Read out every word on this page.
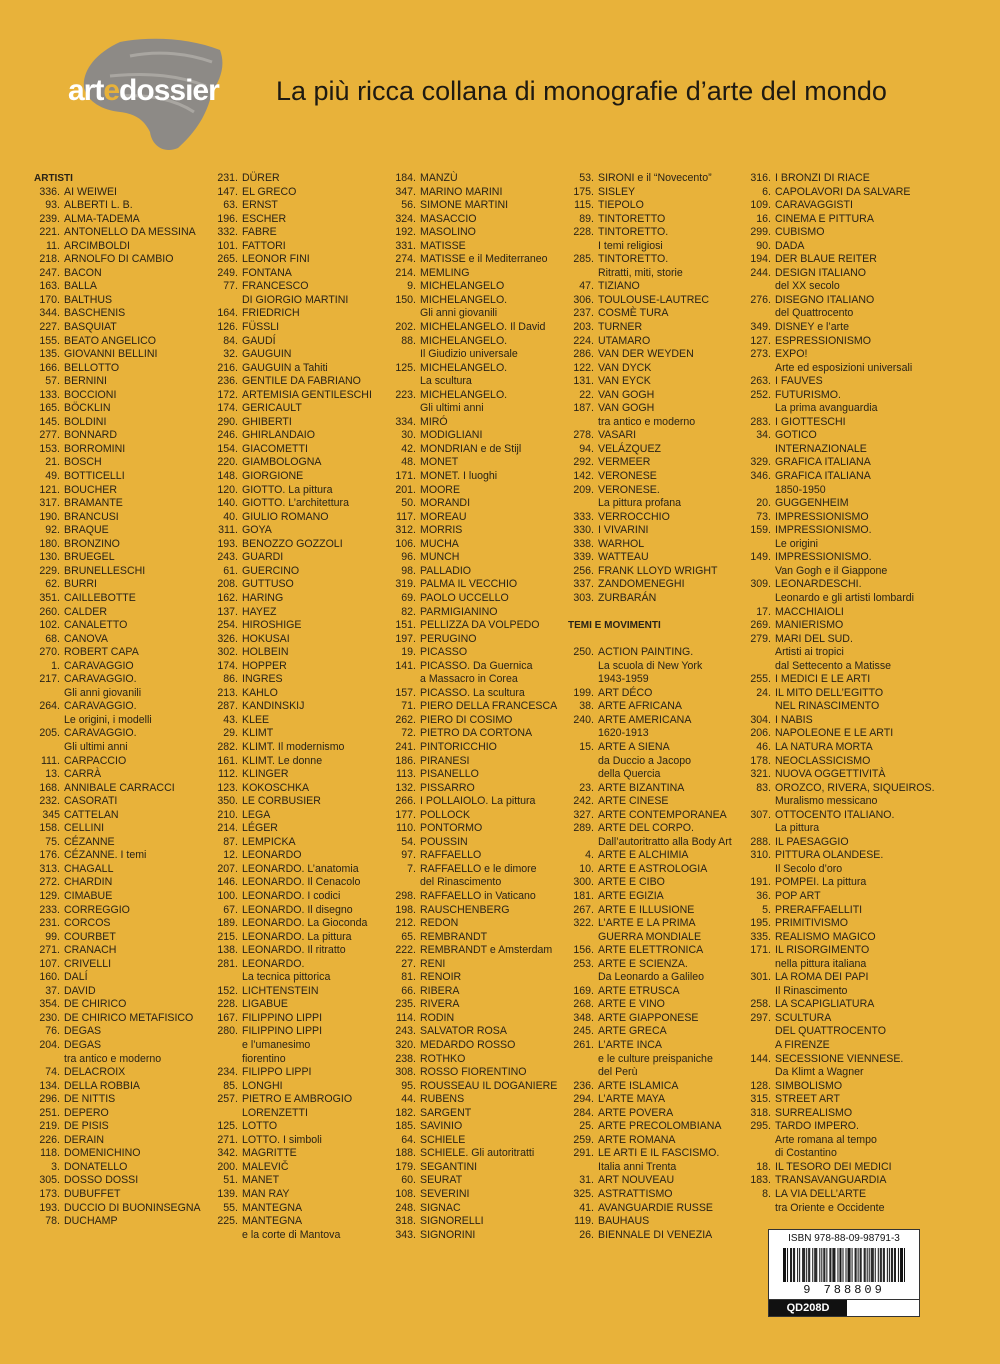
artedossier La più ricca collana di monografie d’arte del mondo
ARTISTI
336. AI WEIWEI
93. ALBERTI L. B.
239. ALMA-TADEMA
221. ANTONELLO DA MESSINA
11. ARCIMBOLDI
218. ARNOLFO DI CAMBIO
247. BACON
163. BALLA
170. BALTHUS
344. BASCHENIS
227. BASQUIAT
155. BEATO ANGELICO
135. GIOVANNI BELLINI
166. BELLOTTO
57. BERNINI
133. BOCCIONI
165. BÖCKLIN
145. BOLDINI
277. BONNARD
153. BORROMINI
21. BOSCH
49. BOTTICELLI
121. BOUCHER
317. BRAMANTE
190. BRANCUSI
92. BRAQUE
180. BRONZINO
130. BRUEGEL
229. BRUNELLESCHI
62. BURRI
351. CAILLEBOTTE
260. CALDER
102. CANALETTO
68. CANOVA
270. ROBERT CAPA
1. CARAVAGGIO
217. CARAVAGGIO.
Gli anni giovanili
264. CARAVAGGIO.
Le origini, i modelli
205. CARAVAGGIO.
Gli ultimi anni
111. CARPACCIO
13. CARRÀ
168. ANNIBALE CARRACCI
232. CASORATI
345 CATTELAN
158. CELLINI
75. CÉZANNE
176. CÉZANNE. I temi
313. CHAGALL
272. CHARDIN
129. CIMABUE
233. CORREGGIO
231. CORCOS
99. COURBET
271. CRANACH
107. CRIVELLI
160. DALÍ
37. DAVID
354. DE CHIRICO
230. DE CHIRICO METAFISICO
76. DEGAS
204. DEGAS
tra antico e moderno
74. DELACROIX
134. DELLA ROBBIA
296. DE NITTIS
251. DEPERO
219. DE PISIS
226. DERAIN
118. DOMENICHINO
3. DONATELLO
305. DOSSO DOSSI
173. DUBUFFET
193. DUCCIO DI BUONINSEGNA
78. DUCHAMP
231. DÜRER
147. EL GRECO
63. ERNST
196. ESCHER
332. FABRE
101. FATTORI
265. LEONOR FINI
249. FONTANA
77. FRANCESCO
DI GIORGIO MARTINI
164. FRIEDRICH
126. FÜSSLI
84. GAUDÍ
32. GAUGUIN
216. GAUGUIN a Tahiti
236. GENTILE DA FABRIANO
172. ARTEMISIA GENTILESCHI
174. GERICAULT
290. GHIBERTI
246. GHIRLANDAIO
154. GIACOMETTI
220. GIAMBOLOGNA
148. GIORGIONE
120. GIOTTO. La pittura
140. GIOTTO. L’architettura
40. GIULIO ROMANO
311. GOYA
193. BENOZZO GOZZOLI
243. GUARDI
61. GUERCINO
208. GUTTUSO
162. HARING
137. HAYEZ
254. HIROSHIGE
326. HOKUSAI
302. HOLBEIN
174. HOPPER
86. INGRES
213. KAHLO
287. KANDINSKIJ
43. KLEE
29. KLIMT
282. KLIMT. Il modernismo
161. KLIMT. Le donne
112. KLINGER
123. KOKOSCHKA
350. LE CORBUSIER
210. LEGA
214. LÉGER
87. LEMPICKA
12. LEONARDO
207. LEONARDO. L’anatomia
146. LEONARDO. Il Cenacolo
100. LEONARDO. I codici
67. LEONARDO. Il disegno
189. LEONARDO. La Gioconda
215. LEONARDO. La pittura
138. LEONARDO. Il ritratto
281. LEONARDO.
La tecnica pittorica
152. LICHTENSTEIN
228. LIGABUE
167. FILIPPINO LIPPI
280. FILIPPINO LIPPI
e l’umanesimo
fiorentino
234. FILIPPO LIPPI
85. LONGHI
257. PIETRO E AMBROGIO
LORENZETTI
125. LOTTO
271. LOTTO. I simboli
342. MAGRITTE
200. MALEVIČ
51. MANET
139. MAN RAY
55. MANTEGNA
225. MANTEGNA
e la corte di Mantova
184. MANZÙ
347. MARINO MARINI
56. SIMONE MARTINI
324. MASACCIO
192. MASOLINO
331. MATISSE
274. MATISSE e il Mediterraneo
214. MEMLING
9. MICHELANGELO
150. MICHELANGELO.
Gli anni giovanili
202. MICHELANGELO. Il David
88. MICHELANGELO.
Il Giudizio universale
125. MICHELANGELO.
La scultura
223. MICHELANGELO.
Gli ultimi anni
334. MIRÓ
30. MODIGLIANI
42. MONDRIAN e de Stijl
48. MONET
171. MONET. I luoghi
201. MOORE
50. MORANDI
117. MOREAU
312. MORRIS
106. MUCHA
96. MUNCH
98. PALLADIO
319. PALMA IL VECCHIO
69. PAOLO UCCELLO
82. PARMIGIANINO
151. PELLIZZA DA VOLPEDO
197. PERUGINO
19. PICASSO
141. PICASSO. Da Guernica
a Massacro in Corea
157. PICASSO. La scultura
71. PIERO DELLA FRANCESCA
262. PIERO DI COSIMO
72. PIETRO DA CORTONA
241. PINTORICCHIO
186. PIRANESI
113. PISANELLO
132. PISSARRO
266. I POLLAIOLO. La pittura
177. POLLOCK
110. PONTORMO
54. POUSSIN
97. RAFFAELLO
7. RAFFAELLO e le dimore
del Rinascimento
298. RAFFAELLO in Vaticano
198. RAUSCHENBERG
212. REDON
65. REMBRANDT
222. REMBRANDT e Amsterdam
27. RENI
81. RENOIR
66. RIBERA
235. RIVERA
114. RODIN
243. SALVATOR ROSA
320. MEDARDO ROSSO
238. ROTHKO
308. ROSSO FIORENTINO
95. ROUSSEAU IL DOGANIERE
44. RUBENS
182. SARGENT
185. SAVINIO
64. SCHIELE
188. SCHIELE. Gli autoritratti
179. SEGANTINI
60. SEURAT
108. SEVERINI
248. SIGNAC
318. SIGNORELLI
343. SIGNORINI
53. SIRONI e il “Novecento”
175. SISLEY
115. TIEPOLO
89. TINTORETTO
228. TINTORETTO.
I temi religiosi
285. TINTORETTO.
Ritratti, miti, storie
47. TIZIANO
306. TOULOUSE-LAUTREC
237. COSMÈ TURA
203. TURNER
224. UTAMARO
286. VAN DER WEYDEN
122. VAN DYCK
131. VAN EYCK
22. VAN GOGH
187. VAN GOGH
tra antico e moderno
278. VASARI
94. VELÁZQUEZ
292. VERMEER
142. VERONESE
209. VERONESE.
La pittura profana
333. VERROCCHIO
330. I VIVARINI
338. WARHOL
339. WATTEAU
256. FRANK LLOYD WRIGHT
337. ZANDOMENEGHI
303. ZURBARÁN
TEMI E MOVIMENTI
250. ACTION PAINTING.
La scuola di New York
1943-1959
199. ART DÉCO
38. ARTE AFRICANA
240. ARTE AMERICANA
1620-1913
15. ARTE A SIENA
da Duccio a Jacopo
della Quercia
23. ARTE BIZANTINA
242. ARTE CINESE
327. ARTE CONTEMPORANEA
289. ARTE DEL CORPO.
Dall’autoritratto alla Body Art
4. ARTE E ALCHIMIA
10. ARTE E ASTROLOGIA
300. ARTE E CIBO
181. ARTE EGIZIA
267. ARTE E ILLUSIONE
322. L’ARTE E LA PRIMA
GUERRA MONDIALE
156. ARTE ELETTRONICA
253. ARTE E SCIENZA.
Da Leonardo a Galileo
169. ARTE ETRUSCA
268. ARTE E VINO
348. ARTE GIAPPONESE
245. ARTE GRECA
261. L’ARTE INCA
e le culture preispaniche
del Perù
236. ARTE ISLAMICA
294. L’ARTE MAYA
284. ARTE POVERA
25. ARTE PRECOLOMBIANA
259. ARTE ROMANA
291. LE ARTI E IL FASCISMO.
Italia anni Trenta
31. ART NOUVEAU
325. ASTRATTISMO
41. AVANGUARDIE RUSSE
119. BAUHAUS
26. BIENNALE DI VENEZIA
316. I BRONZI DI RIACE
6. CAPOLAVORI DA SALVARE
109. CARAVAGGISTI
16. CINEMA E PITTURA
299. CUBISMO
90. DADA
194. DER BLAUE REITER
244. DESIGN ITALIANO
del XX secolo
276. DISEGNO ITALIANO
del Quattrocento
349. DISNEY e l’arte
127. ESPRESSIONISMO
273. EXPO!
Arte ed esposizioni universali
263. I FAUVES
252. FUTURISMO.
La prima avanguardia
283. I GIOTTESCHI
34. GOTICO
INTERNAZIONALE
329. GRAFICA ITALIANA
346. GRAFICA ITALIANA
1850-1950
20. GUGGENHEIM
73. IMPRESSIONISMO
159. IMPRESSIONISMO.
Le origini
149. IMPRESSIONISMO.
Van Gogh e il Giappone
309. LEONARDESCHI.
Leonardo e gli artisti lombardi
17. MACCHIAIOLI
269. MANIERISMO
279. MARI DEL SUD.
Artisti ai tropici
dal Settecento a Matisse
255. I MEDICI E LE ARTI
24. IL MITO DELL’EGITTO
NEL RINASCIMENTO
304. I NABIS
206. NAPOLEONE E LE ARTI
46. LA NATURA MORTA
178. NEOCLASSICISMO
321. NUOVA OGGETTIVITÀ
83. OROZCO, RIVERA, SIQUEIROS.
Muralismo messicano
307. OTTOCENTO ITALIANO.
La pittura
288. IL PAESAGGIO
310. PITTURA OLANDESE.
Il Secolo d’oro
191. POMPEI. La pittura
36. POP ART
5. PRERAFFAELLITI
195. PRIMITIVISMO
335. REALISMO MAGICO
171. IL RISORGIMENTO
nella pittura italiana
301. LA ROMA DEI PAPI
Il Rinascimento
258. LA SCAPIGLIATURA
297. SCULTURA
DEL QUATTROCENTO
A FIRENZE
144. SECESSIONE VIENNESE.
Da Klimt a Wagner
128. SIMBOLISMO
315. STREET ART
318. SURREALISMO
295. TARDO IMPERO.
Arte romana al tempo
di Costantino
18. IL TESORO DEI MEDICI
183. TRANSAVANGUARDIA
8. LA VIA DELL’ARTE
tra Oriente e Occidente
ISBN 978-88-09-98791-3
9 788809
QD208D
